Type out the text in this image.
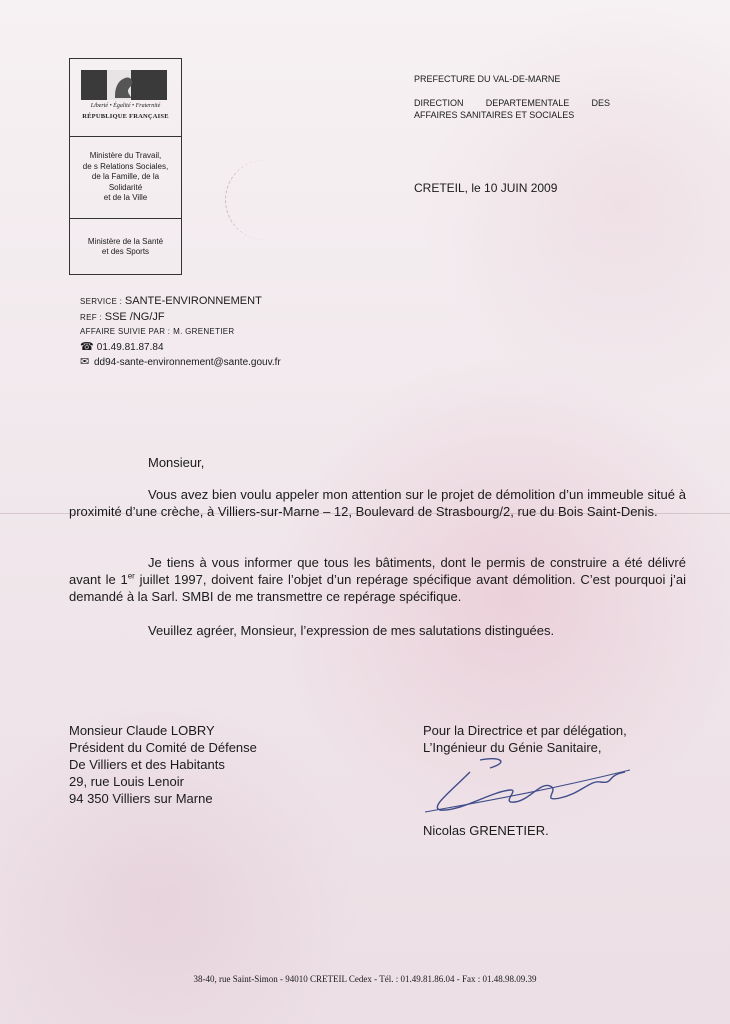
Liberté • Égalité • Fraternité
RÉPUBLIQUE FRANÇAISE
Ministère du Travail,
de s Relations Sociales,
de la Famille, de la
Solidarité
et de la Ville
Ministère de la Santé
et des Sports
PREFECTURE DU VAL-DE-MARNE
DIRECTION DEPARTEMENTALE DES
AFFAIRES SANITAIRES ET SOCIALES
CRETEIL, le 10 JUIN 2009
SERVICE : SANTE-ENVIRONNEMENT
REF : SSE /NG/JF
AFFAIRE SUIVIE PAR : M. GRENETIER
☎ 01.49.81.87.84
✉ dd94-sante-environnement@sante.gouv.fr
Monsieur,

Vous avez bien voulu appeler mon attention sur le projet de démolition d’un immeuble situé à proximité d’une crèche, à Villiers-sur-Marne – 12, Boulevard de Strasbourg/2, rue du Bois Saint-Denis.

Je tiens à vous informer que tous les bâtiments, dont le permis de construire a été délivré avant le 1er juillet 1997, doivent faire l’objet d’un repérage spécifique avant démolition. C’est pourquoi j’ai demandé à la Sarl. SMBI de me transmettre ce repérage spécifique.

Veuillez agréer, Monsieur, l’expression de mes salutations distinguées.

Monsieur Claude LOBRY
Président du Comité de Défense
De Villiers et des Habitants
29, rue Louis Lenoir
94 350 Villiers sur Marne
Pour la Directrice et par délégation,
L’Ingénieur du Génie Sanitaire,
Nicolas GRENETIER.
38-40, rue Saint-Simon - 94010 CRETEIL Cedex - Tél. : 01.49.81.86.04 - Fax : 01.48.98.09.39
